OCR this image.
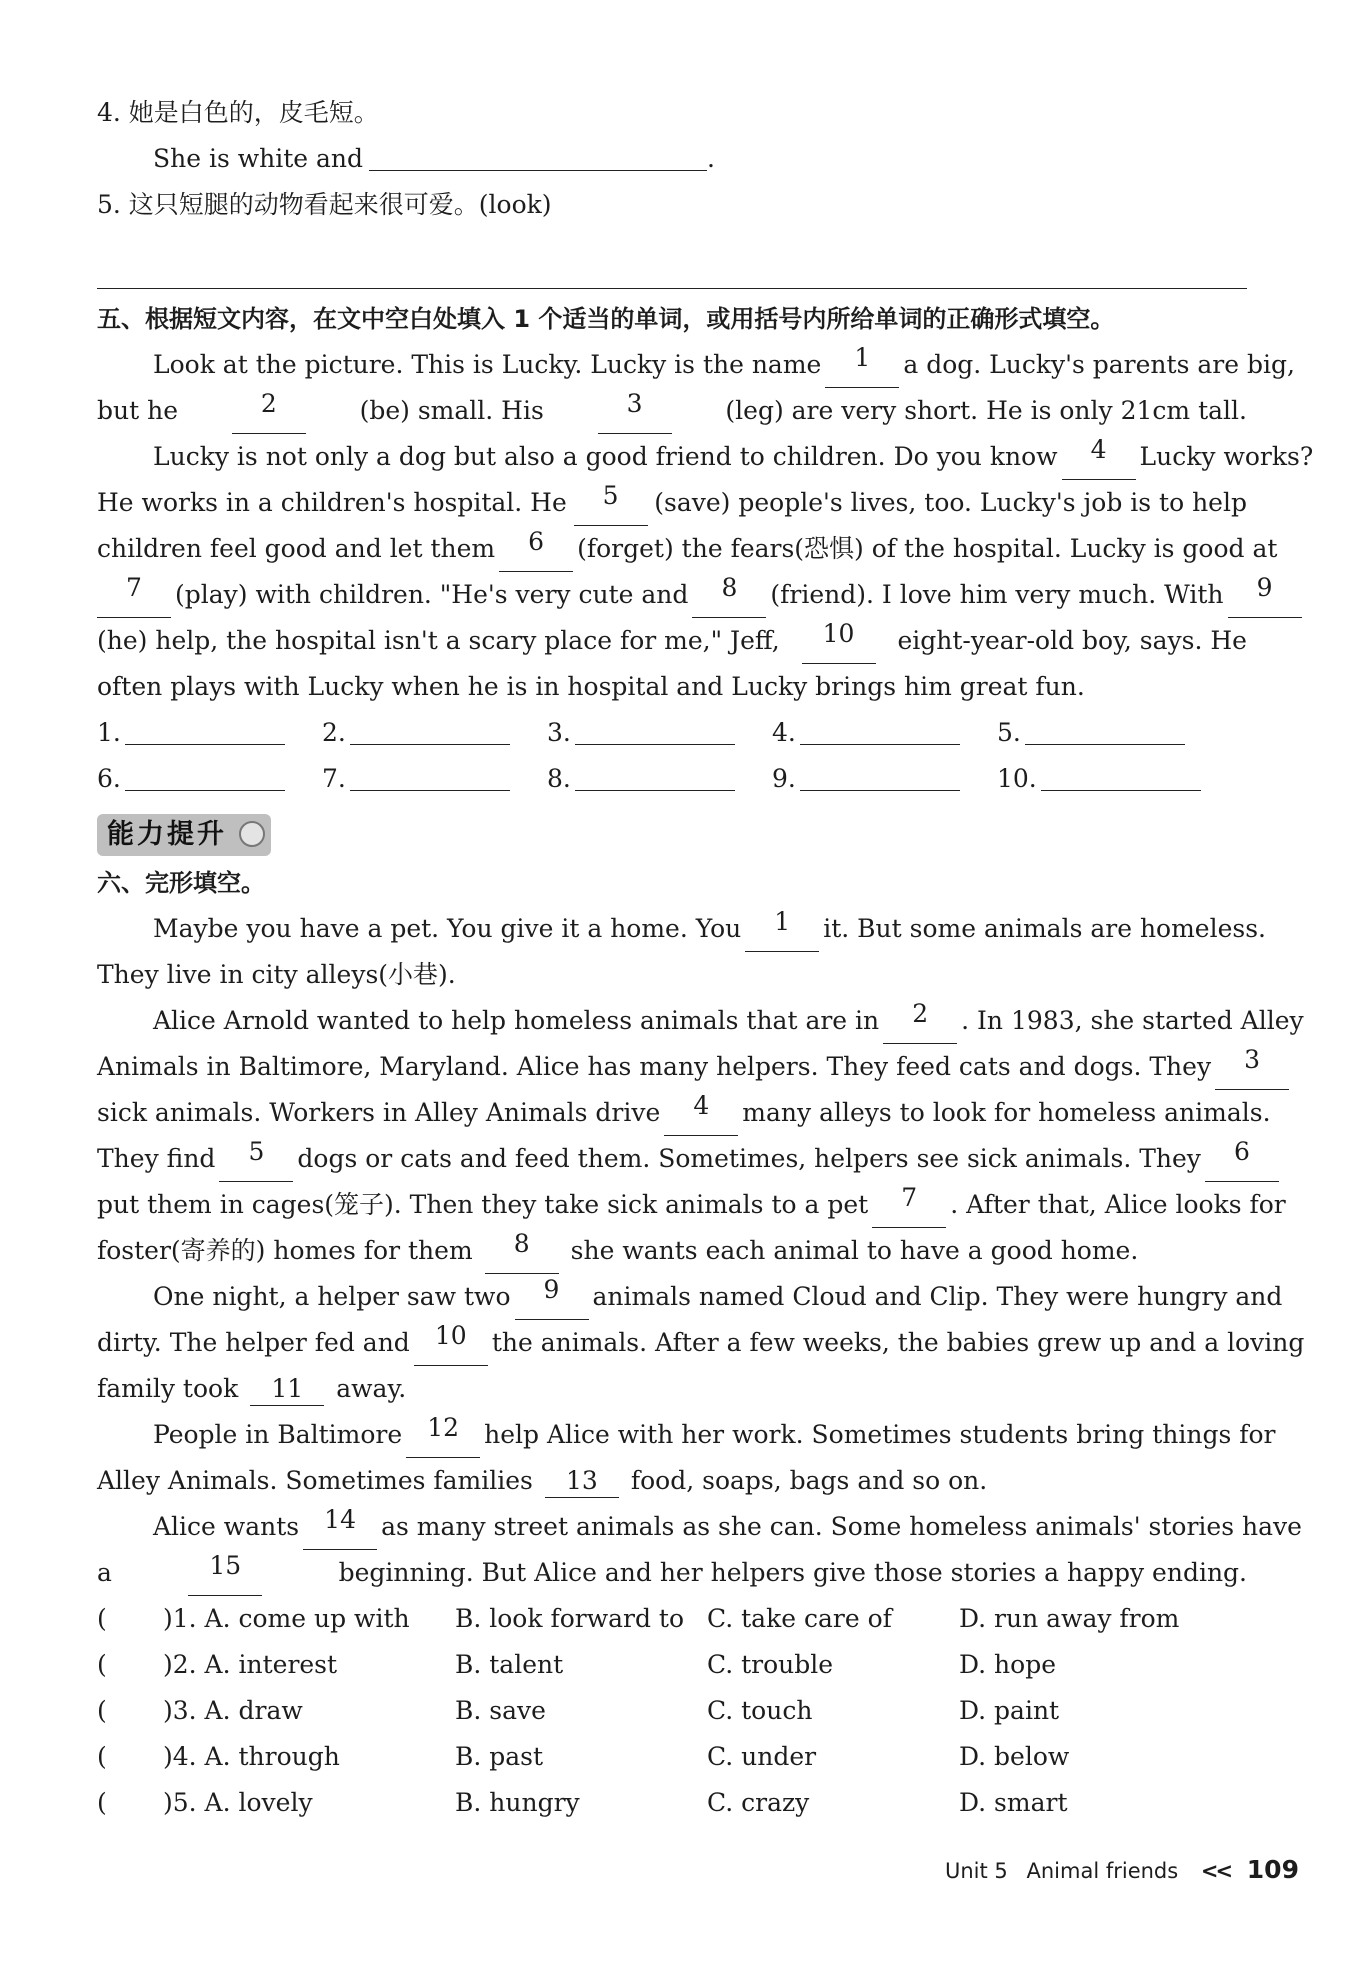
4. 她是白色的，皮毛短。
She is white and	.
5. 这只短腿的动物看起来很可爱。(look)
五、根据短文内容，在文中空白处填入 1 个适当的单词，或用括号内所给单词的正确形式填空。
Look at the picture. This is Lucky. Lucky is the name	1	a dog. Lucky's parents are big,
but he	2	(be) small. His	3	(leg) are very short. He is only 21cm tall.
Lucky is not only a dog but also a good friend to children. Do you know	4	Lucky works?
He works in a children's hospital. He	5	(save) people's lives, too. Lucky's job is to help
children feel good and let them	6	(forget) the fears(恐惧) of the hospital. Lucky is good at
7	(play) with children. "He's very cute and	8	(friend). I love him very much. With	9
(he) help, the hospital isn't a scary place for me," Jeff,	10	eight-year-old boy, says. He
often plays with Lucky when he is in hospital and Lucky brings him great fun.
1.	2.	3.	4.	5.
6.	7.	8.	9.	10.
能力提升
六、完形填空。
Maybe you have a pet. You give it a home. You	1	it. But some animals are homeless.
They live in city alleys(小巷).
Alice Arnold wanted to help homeless animals that are in	2	. In 1983, she started Alley
Animals in Baltimore, Maryland. Alice has many helpers. They feed cats and dogs. They	3
sick animals. Workers in Alley Animals drive	4	many alleys to look for homeless animals.
They find	5	dogs or cats and feed them. Sometimes, helpers see sick animals. They	6
put them in cages(笼子). Then they take sick animals to a pet	7	. After that, Alice looks for
foster(寄养的) homes for them	8	she wants each animal to have a good home.
One night, a helper saw two	9	animals named Cloud and Clip. They were hungry and
dirty. The helper fed and	10	the animals. After a few weeks, the babies grew up and a loving
family took 11 away.
People in Baltimore	12	help Alice with her work. Sometimes students bring things for
Alley Animals. Sometimes families 13 food, soaps, bags and so on.
Alice wants	14	as many street animals as she can. Some homeless animals' stories have
a	15	beginning. But Alice and her helpers give those stories a happy ending.
(	)1. A. come up with	B. look forward to C. take care of	D. run away from
(	)2. A. interest	B. talent	C. trouble	D. hope
(	)3. A. draw	B. save	C. touch	D. paint
(	)4. A. through	B. past	C. under	D. below
(	)5. A. lovely	B. hungry	C. crazy	D. smart
Unit 5 Animal friends << 109
